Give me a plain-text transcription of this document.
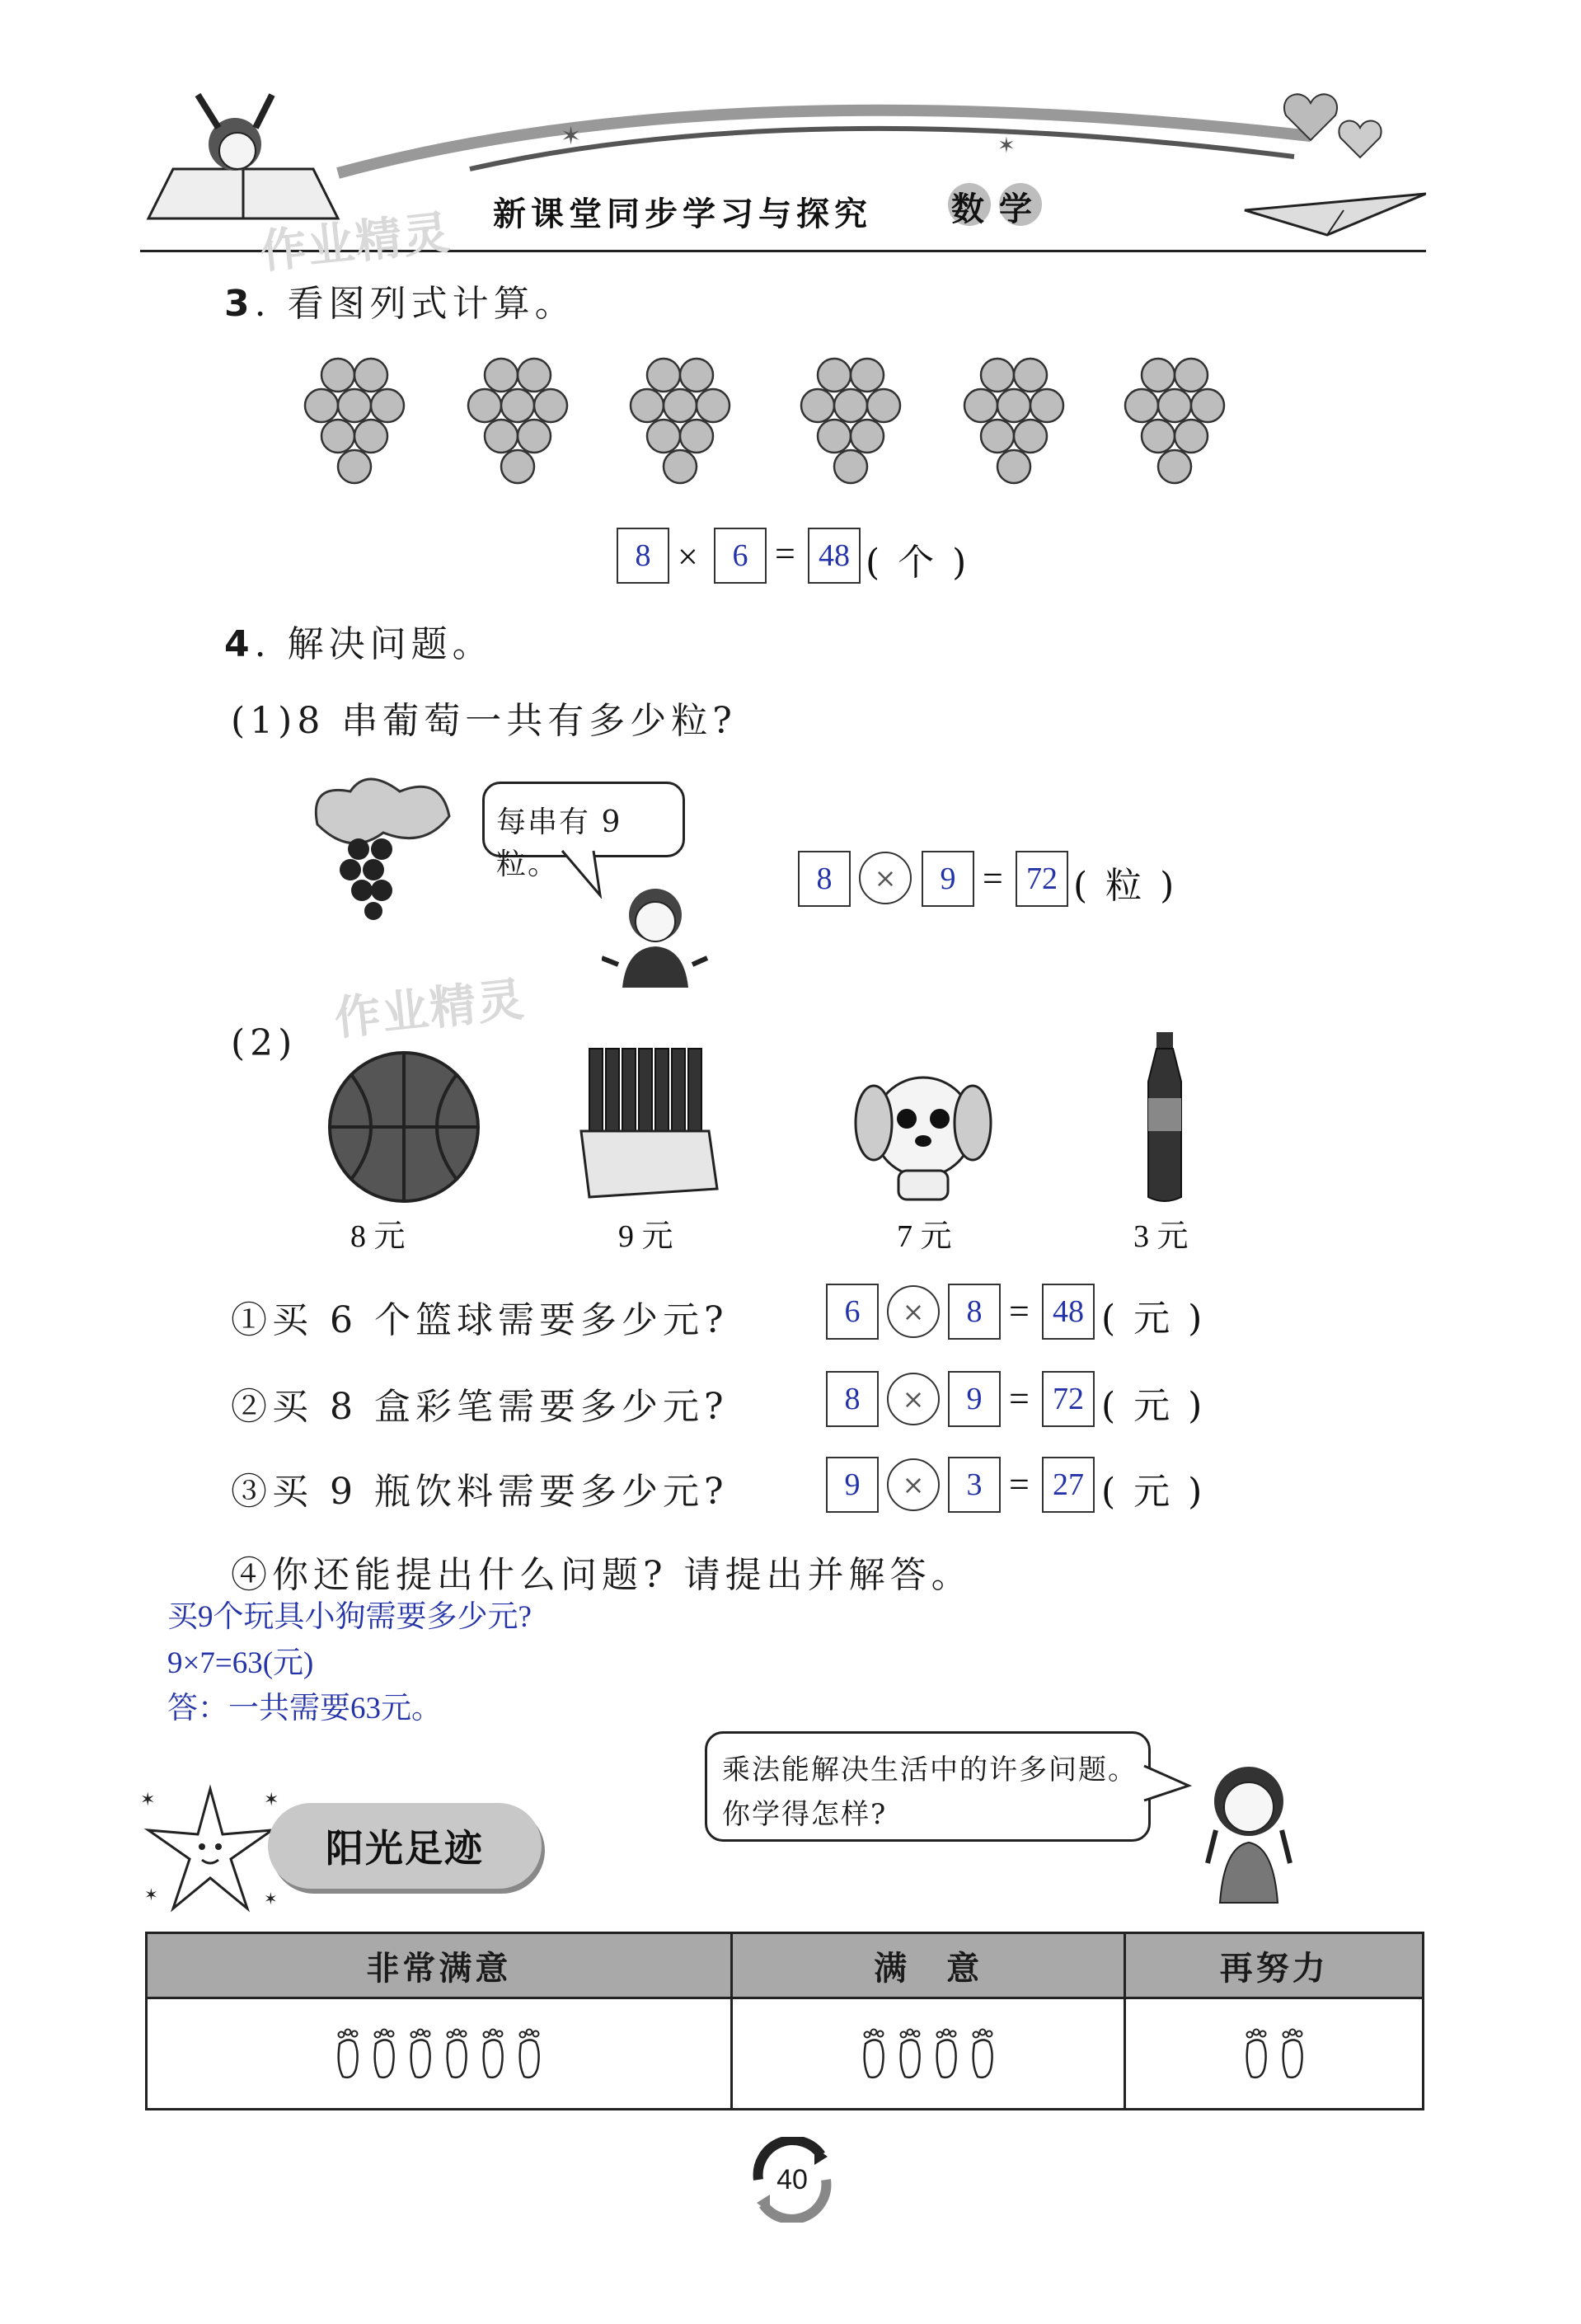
✶	✶
新课堂同步学习与探究 数学
作业精灵
作业精灵
3. 看图列式计算。
8 ×	6 = 48 ( 个 )
4. 解决问题。
(1)8 串葡萄一共有多少粒?
每串有 9 粒。	8	×	9 = 72 ( 粒 )
(2)
8 元	9 元	7 元	3 元
①买 6 个篮球需要多少元?	6	×	8 = 48 ( 元 )
②买 8 盒彩笔需要多少元?	8	×	9 = 72 ( 元 )
③买 9 瓶饮料需要多少元?	9	×	3 = 27 ( 元 )
④你还能提出什么问题? 请提出并解答。
买9个玩具小狗需要多少元?
9×7=63(元)
答：一共需要63元。
乘法能解决生活中的许多问题。
你学得怎样?
✶	✶
✶	✶
阳光足迹
非常满意	满　意	再努力

40
